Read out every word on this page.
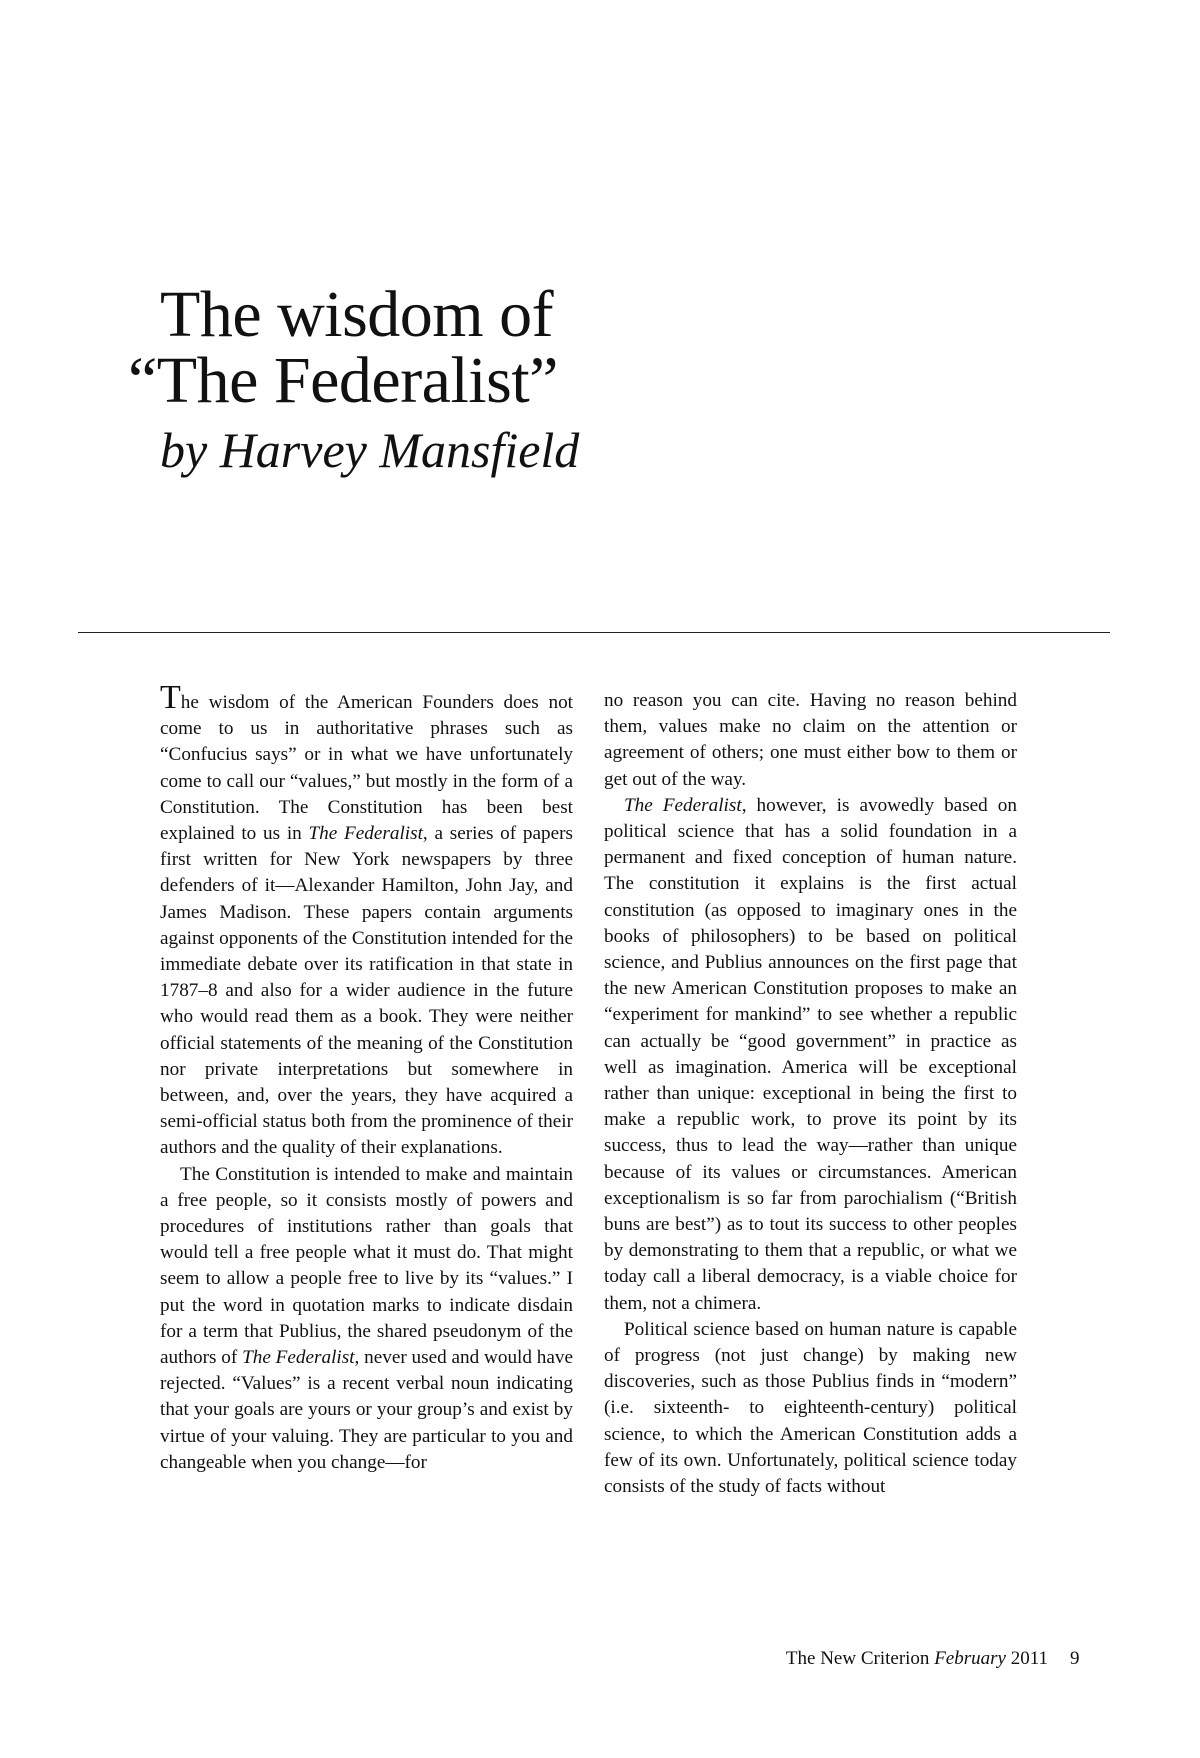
The wisdom of
“The Federalist”
by Harvey Mansfield

The wisdom of the American Founders does not come to us in authoritative phrases such as “Confucius says” or in what we have unfortunately come to call our “values,” but mostly in the form of a Constitution. The Constitution has been best explained to us in The Federalist, a series of papers first written for New York newspapers by three defenders of it—Alexander Hamilton, John Jay, and James Madison. These papers contain arguments against opponents of the Constitution intended for the immediate debate over its ratification in that state in 1787–8 and also for a wider audience in the future who would read them as a book. They were neither official statements of the meaning of the Constitution nor private interpretations but somewhere in between, and, over the years, they have acquired a semi-official status both from the prominence of their authors and the quality of their explanations.

The Constitution is intended to make and maintain a free people, so it consists mostly of powers and procedures of institutions rather than goals that would tell a free people what it must do. That might seem to allow a people free to live by its “values.” I put the word in quotation marks to indicate disdain for a term that Publius, the shared pseudonym of the authors of The Federalist, never used and would have rejected. “Values” is a recent verbal noun indicating that your goals are yours or your group’s and exist by virtue of your valuing. They are particular to you and changeable when you change—for

no reason you can cite. Having no reason behind them, values make no claim on the attention or agreement of others; one must either bow to them or get out of the way.

The Federalist, however, is avowedly based on political science that has a solid foundation in a permanent and fixed conception of human nature. The constitution it explains is the first actual constitution (as opposed to imaginary ones in the books of philosophers) to be based on political science, and Publius announces on the first page that the new American Constitution proposes to make an “experiment for mankind” to see whether a republic can actually be “good government” in practice as well as imagination. America will be exceptional rather than unique: exceptional in being the first to make a republic work, to prove its point by its success, thus to lead the way—rather than unique because of its values or circumstances. American exceptionalism is so far from parochialism (“British buns are best”) as to tout its success to other peoples by demonstrating to them that a republic, or what we today call a liberal democracy, is a viable choice for them, not a chimera.

Political science based on human nature is capable of progress (not just change) by making new discoveries, such as those Publius finds in “modern” (i.e. sixteenth- to eighteenth-century) political science, to which the American Constitution adds a few of its own. Unfortunately, political science today consists of the study of facts without

The New Criterion February 2011 9
